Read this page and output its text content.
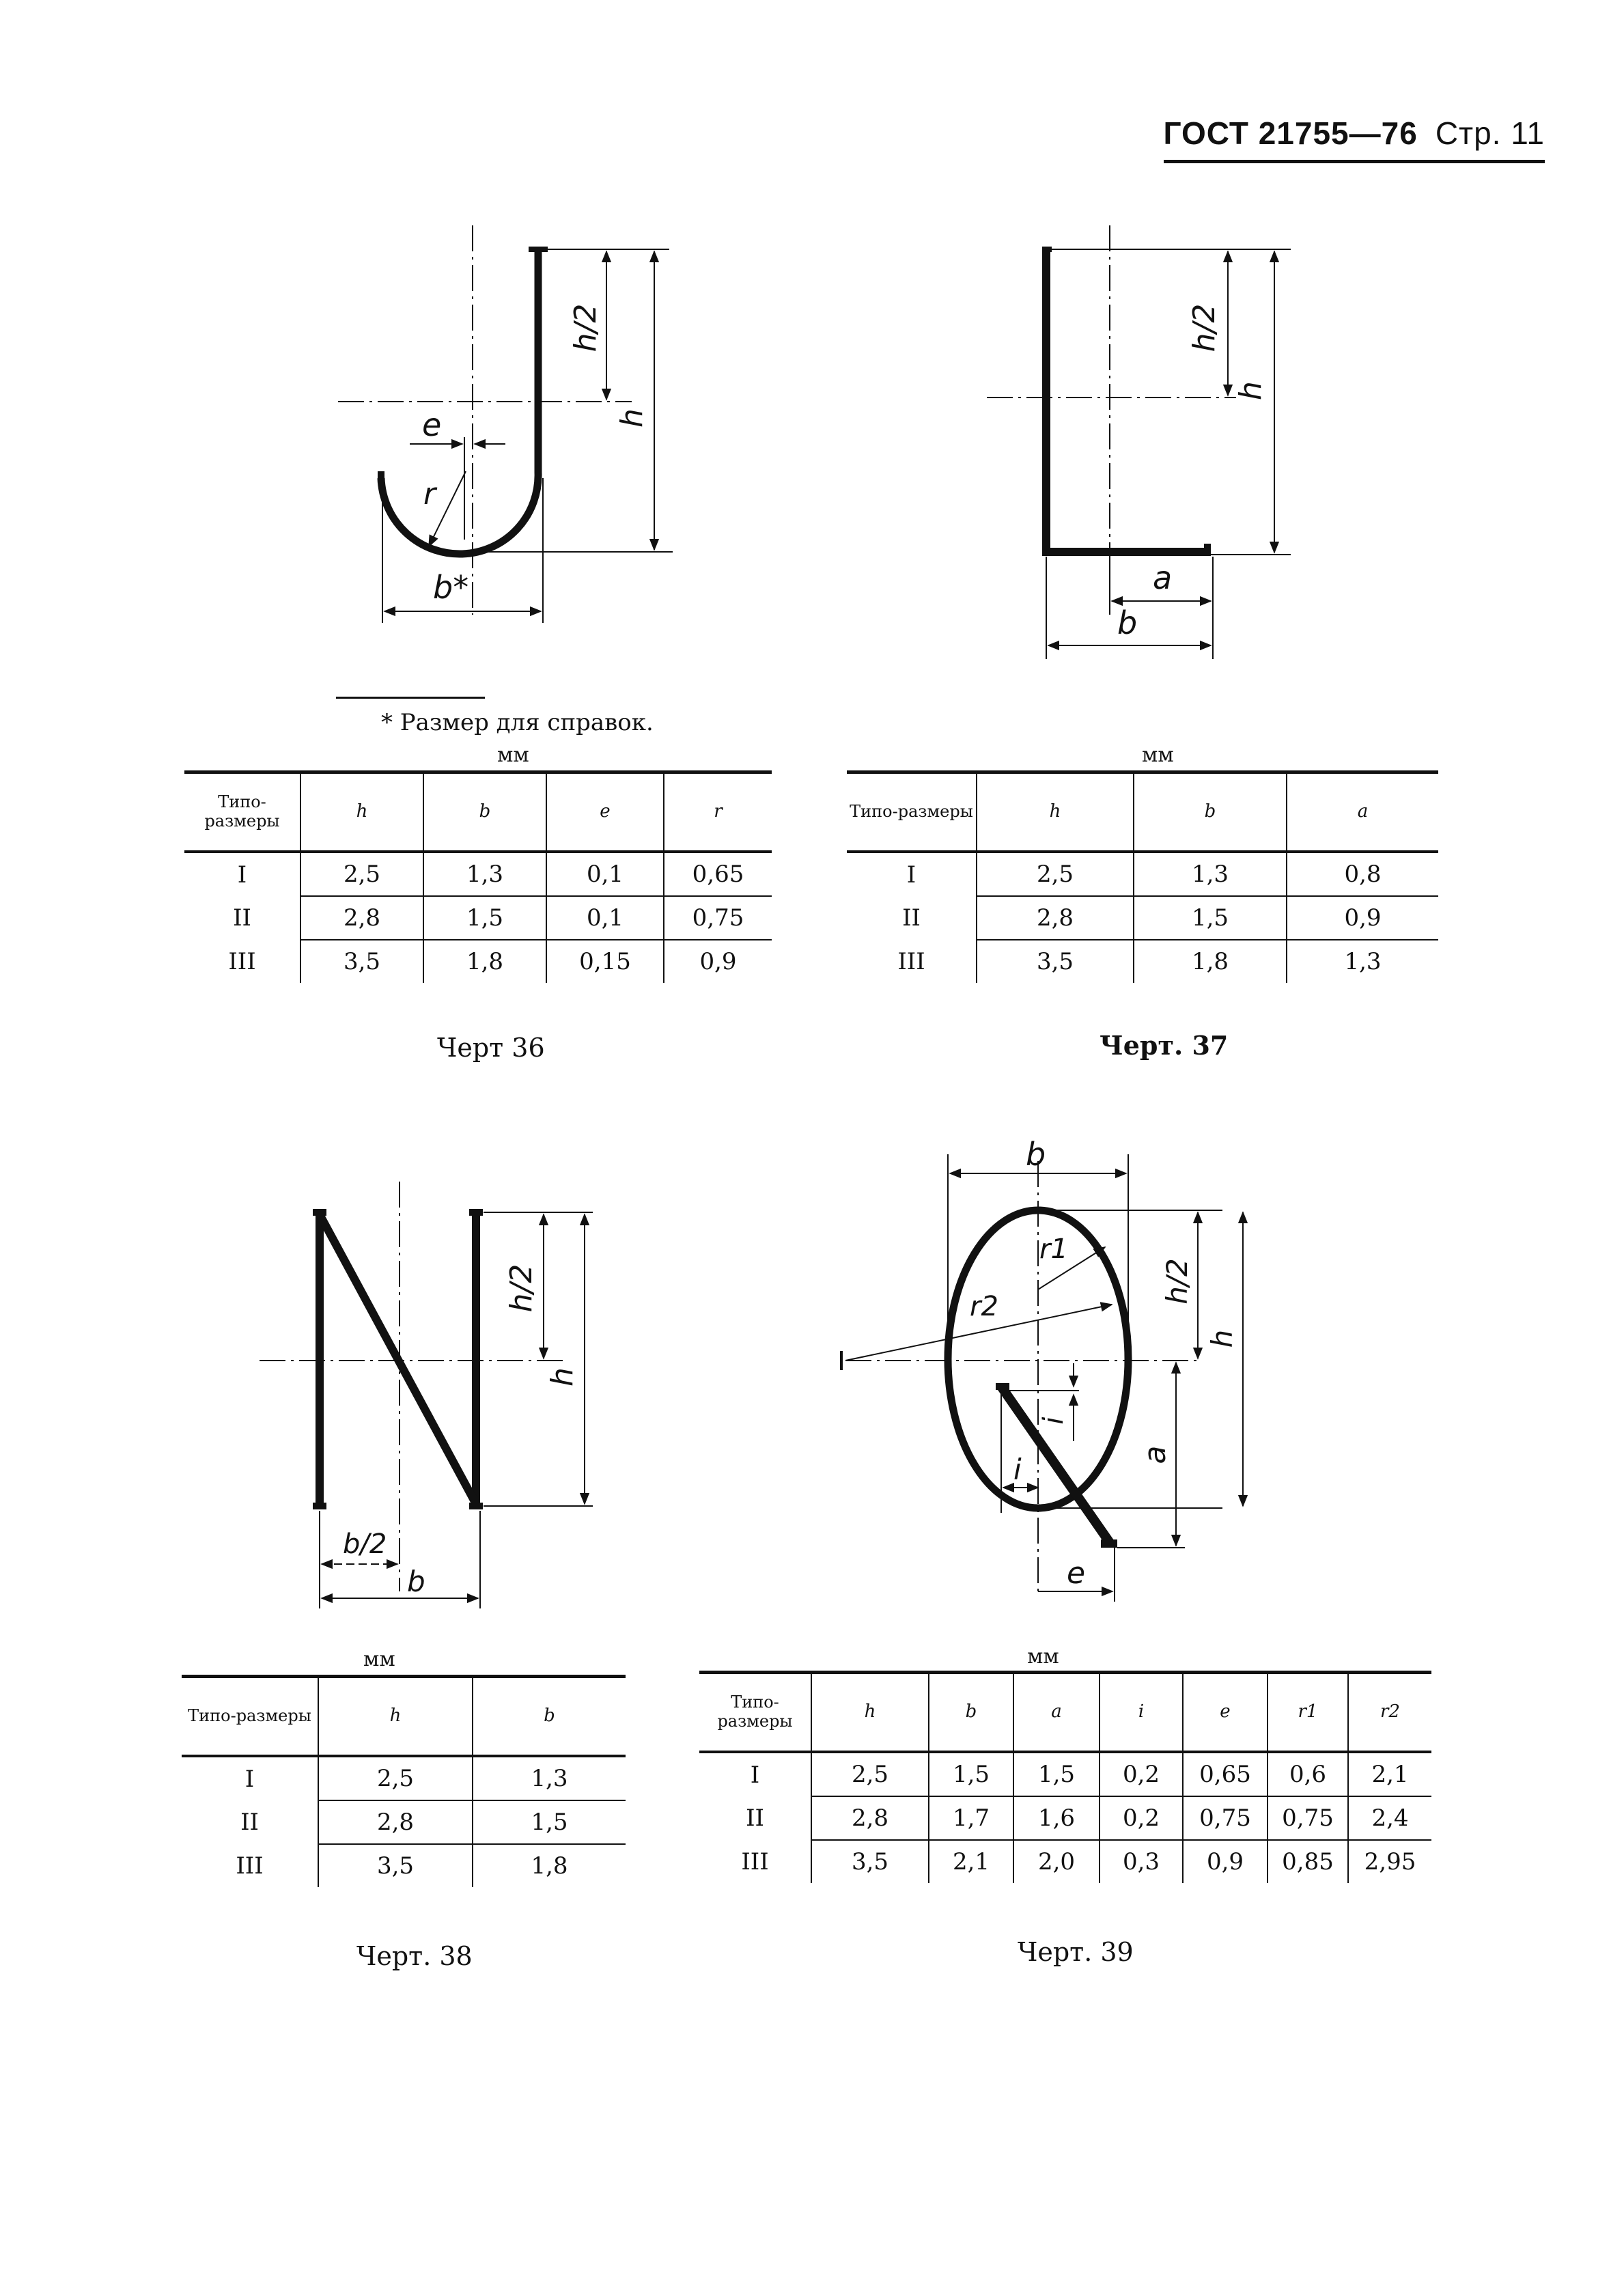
ГОСТ 21755—76 Стр. 11
h/2
h
e
r
b*
* Размер для справок.
мм
Типо-размеры	h	b	e	r
I	2,5	1,3	0,1	0,65
II	2,8	1,5	0,1	0,75
III	3,5	1,8	0,15	0,9
Черт 36
h/2
h
a
b
мм
Типо-размеры	h	b	a
I	2,5	1,3	0,8
II	2,8	1,5	0,9
III	3,5	1,8	1,3
Черт. 37
h/2
h
b/2
b
мм
Типо-размеры	h	b
I	2,5	1,3
II	2,8	1,5
III	3,5	1,8
Черт. 38
b
r1
r2
h/2
h
i
i	a
e
мм
Типо-размеры	h	b	a	i	e	r1	r2
I	2,5	1,5	1,5	0,2	0,65	0,6	2,1
II	2,8	1,7	1,6	0,2	0,75	0,75	2,4
III	3,5	2,1	2,0	0,3	0,9	0,85	2,95
Черт. 39
